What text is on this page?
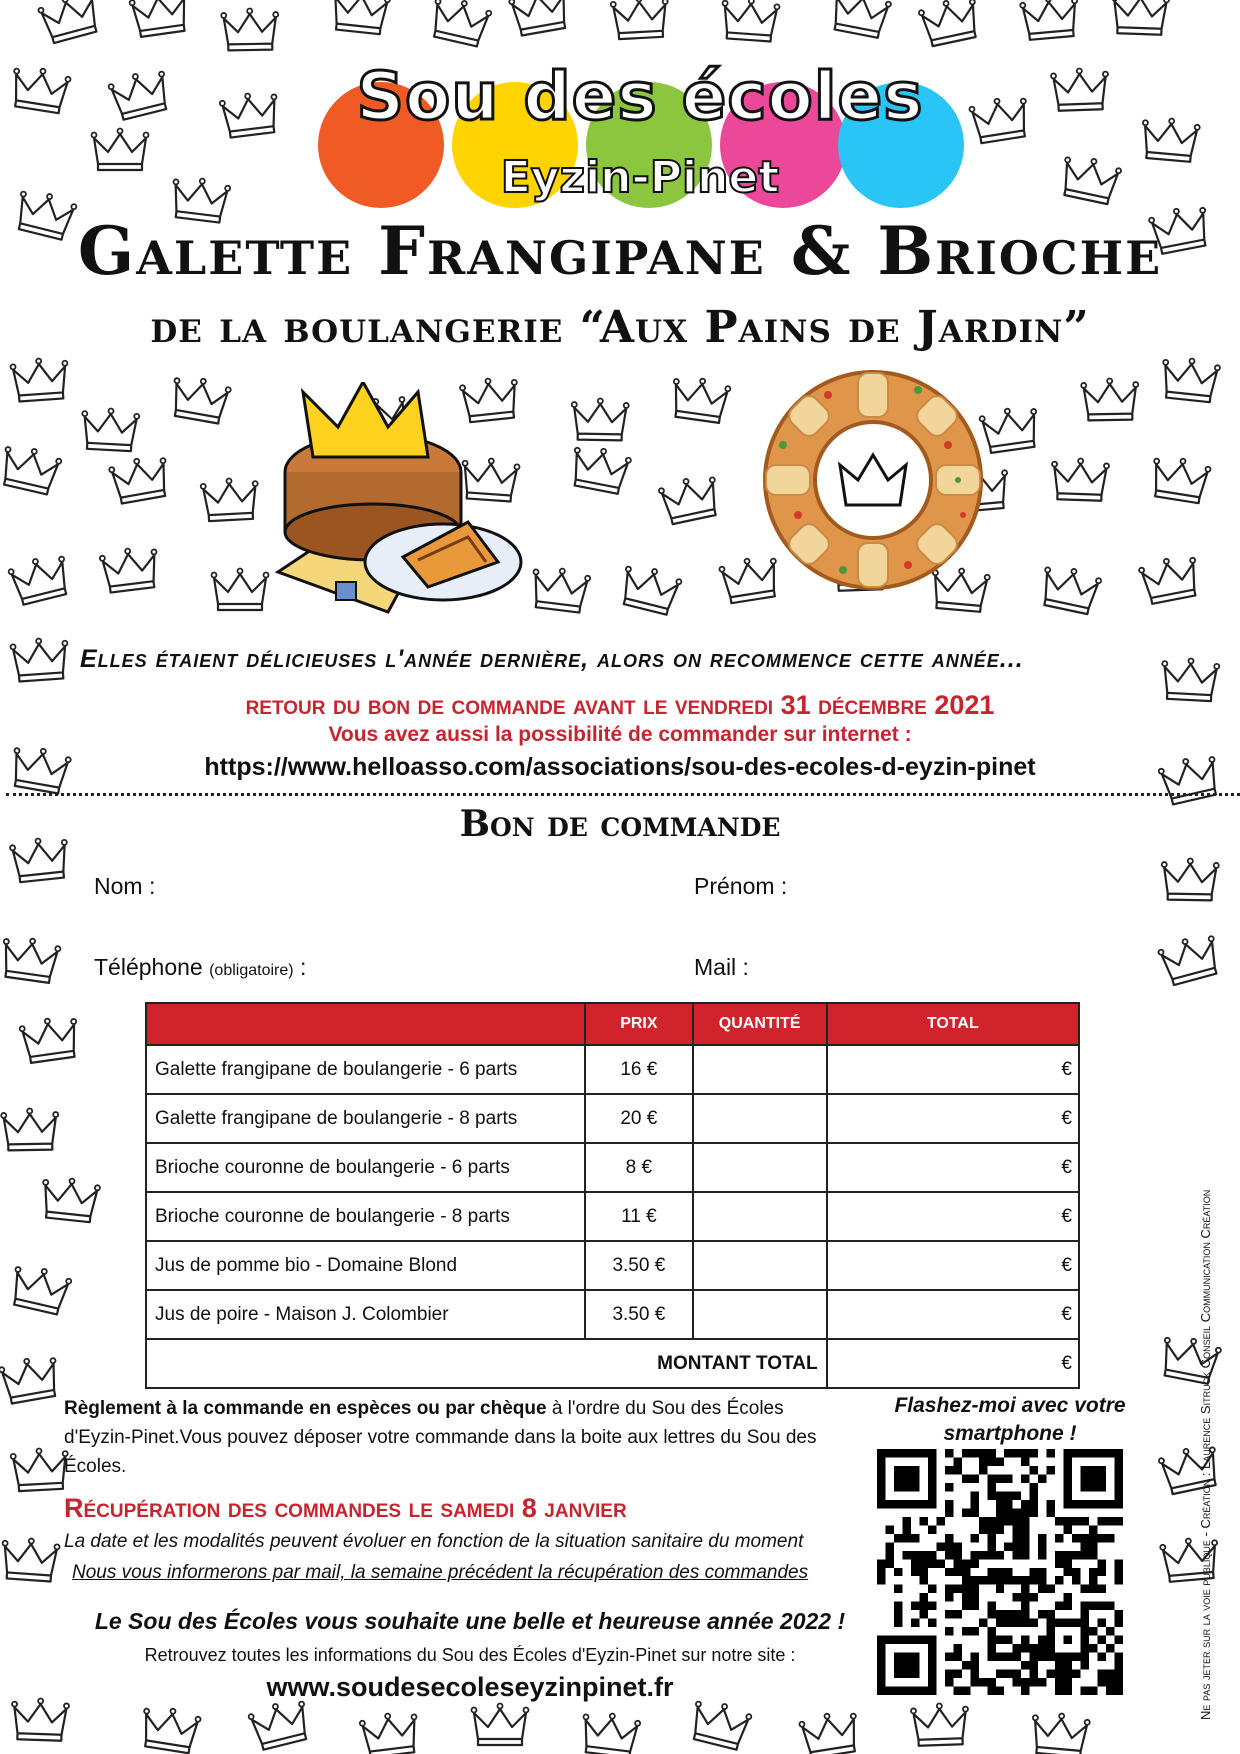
Sou des écoles
Eyzin-Pinet
Galette Frangipane & Brioche
de la boulangerie “Aux Pains de Jardin”
Elles étaient délicieuses l'année dernière, alors on recommence cette année...
retour du bon de commande avant le vendredi 31 décembre 2021
Vous avez aussi la possibilité de commander sur internet :
https://www.helloasso.com/associations/sou-des-ecoles-d-eyzin-pinet
Bon de commande
Nom :	Prénom :
Téléphone (obligatoire) :	Mail :
	PRIX	QUANTITÉ	TOTAL
Galette frangipane de boulangerie - 6 parts	16 €		€
Galette frangipane de boulangerie - 8 parts	20 €		€
Brioche couronne de boulangerie - 6 parts	8 €		€
Brioche couronne de boulangerie - 8 parts	11 €		€
Jus de pomme bio - Domaine Blond	3.50 €		€
Jus de poire - Maison J. Colombier	3.50 €		€
MONTANT TOTAL			€
Règlement à la commande en espèces ou par chèque à l'ordre du Sou des Écoles d'Eyzin-Pinet.Vous pouvez déposer votre commande dans la boite aux lettres du Sou des Écoles.
Récupération des commandes le samedi 8 janvier
La date et les modalités peuvent évoluer en fonction de la situation sanitaire du moment
Nous vous informerons par mail, la semaine précédent la récupération des commandes
Le Sou des Écoles vous souhaite une belle et heureuse année 2022 !
Retrouvez toutes les informations du Sou des Écoles d'Eyzin-Pinet sur notre site :
www.soudesecoleseyzinpinet.fr
Flashez-moi avec votre smartphone !	Ne pas jeter sur la voie publique - Création : Laurence Sitruck Conseil Communication Création
